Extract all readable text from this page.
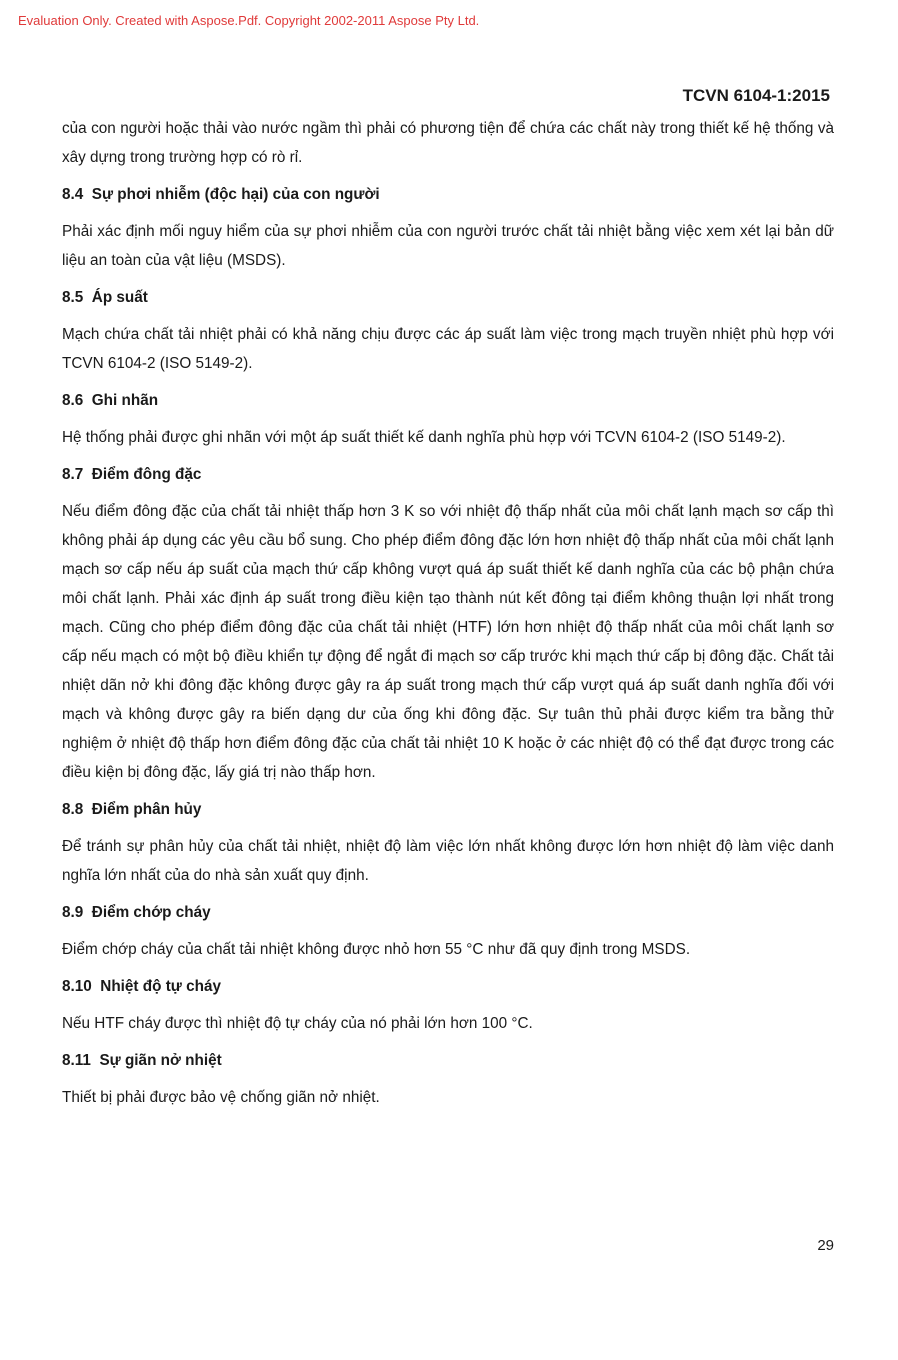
Evaluation Only. Created with Aspose.Pdf. Copyright 2002-2011 Aspose Pty Ltd.
TCVN 6104-1:2015

của con người hoặc thải vào nước ngầm thì phải có phương tiện để chứa các chất này trong thiết kế hệ thống và xây dựng trong trường hợp có rò rỉ.

8.4 Sự phơi nhiễm (độc hại) của con người

Phải xác định mối nguy hiểm của sự phơi nhiễm của con người trước chất tải nhiệt bằng việc xem xét lại bản dữ liệu an toàn của vật liệu (MSDS).

8.5 Áp suất

Mạch chứa chất tải nhiệt phải có khả năng chịu được các áp suất làm việc trong mạch truyền nhiệt phù hợp với TCVN 6104-2 (ISO 5149-2).

8.6 Ghi nhãn

Hệ thống phải được ghi nhãn với một áp suất thiết kế danh nghĩa phù hợp với TCVN 6104-2 (ISO 5149-2).

8.7 Điểm đông đặc

Nếu điểm đông đặc của chất tải nhiệt thấp hơn 3 K so với nhiệt độ thấp nhất của môi chất lạnh mạch sơ cấp thì không phải áp dụng các yêu cầu bổ sung. Cho phép điểm đông đặc lớn hơn nhiệt độ thấp nhất của môi chất lạnh mạch sơ cấp nếu áp suất của mạch thứ cấp không vượt quá áp suất thiết kế danh nghĩa của các bộ phận chứa môi chất lạnh. Phải xác định áp suất trong điều kiện tạo thành nút kết đông tại điểm không thuận lợi nhất trong mạch. Cũng cho phép điểm đông đặc của chất tải nhiệt (HTF) lớn hơn nhiệt độ thấp nhất của môi chất lạnh sơ cấp nếu mạch có một bộ điều khiển tự động để ngắt đi mạch sơ cấp trước khi mạch thứ cấp bị đông đặc. Chất tải nhiệt dãn nở khi đông đặc không được gây ra áp suất trong mạch thứ cấp vượt quá áp suất danh nghĩa đối với mạch và không được gây ra biến dạng dư của ống khi đông đặc. Sự tuân thủ phải được kiểm tra bằng thử nghiệm ở nhiệt độ thấp hơn điểm đông đặc của chất tải nhiệt 10 K hoặc ở các nhiệt độ có thể đạt được trong các điều kiện bị đông đặc, lấy giá trị nào thấp hơn.

8.8 Điểm phân hủy

Để tránh sự phân hủy của chất tải nhiệt, nhiệt độ làm việc lớn nhất không được lớn hơn nhiệt độ làm việc danh nghĩa lớn nhất của do nhà sản xuất quy định.

8.9 Điểm chớp cháy

Điểm chớp cháy của chất tải nhiệt không được nhỏ hơn 55 °C như đã quy định trong MSDS.

8.10 Nhiệt độ tự cháy

Nếu HTF cháy được thì nhiệt độ tự cháy của nó phải lớn hơn 100 °C.

8.11 Sự giãn nở nhiệt

Thiết bị phải được bảo vệ chống giãn nở nhiệt.

29
